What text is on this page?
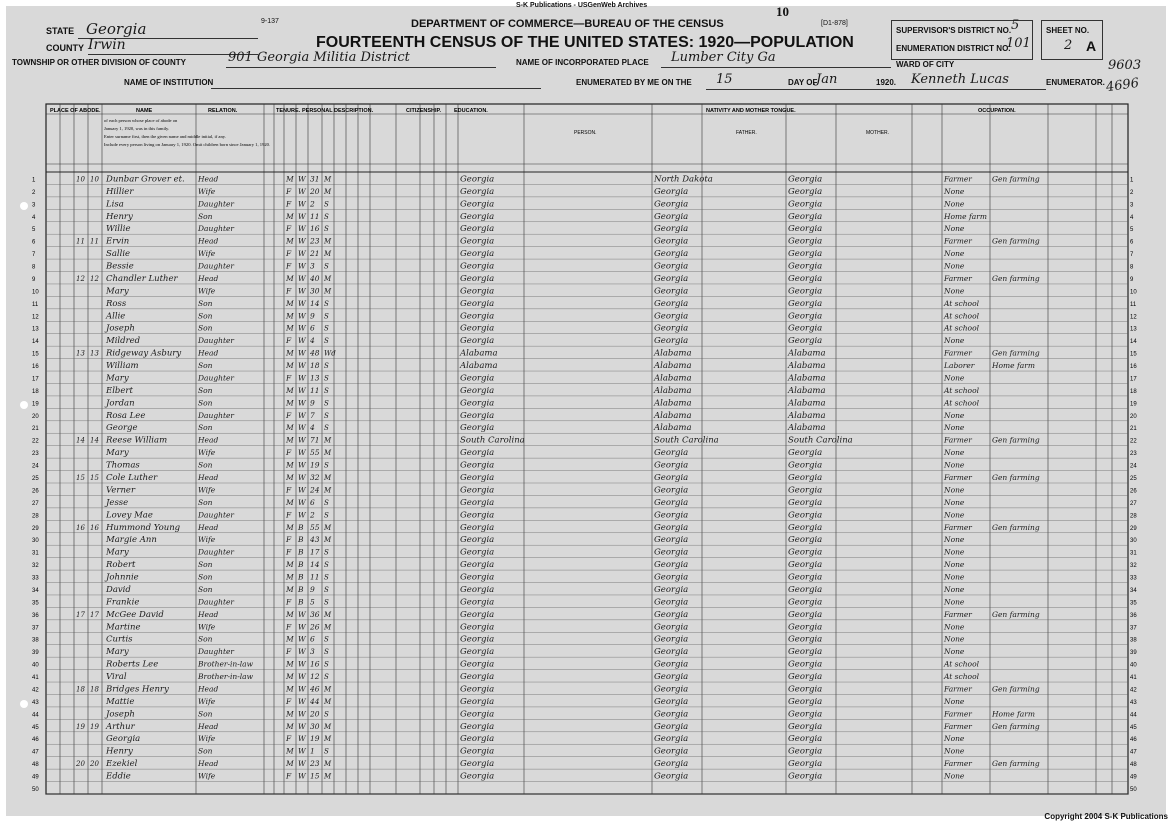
S-K Publications - USGenWeb Archives	10
9-137	[D1-878]
DEPARTMENT OF COMMERCE—BUREAU OF THE CENSUS
FOURTEENTH CENSUS OF THE UNITED STATES: 1920—POPULATION
STATE Georgia
COUNTY Irwin
TOWNSHIP OR OTHER DIVISION OF COUNTY	901 Georgia Militia District
NAME OF INSTITUTION
NAME OF INCORPORATED PLACE Lumber City Ga
ENUMERATED BY ME ON THE 15	DAY OF
Jan	1920. Kenneth Lucas	ENUMERATOR.
SUPERVISOR'S DISTRICT NO. 5
ENUMERATION DISTRICT NO.
101
SHEET NO.
2 A
WARD OF CITY	9603
4696
PLACE OF ABODE.	NAME	RELATION.	TENURE. PERSONAL DESCRIPTION.	CITIZENSHIP. EDUCATION.	NATIVITY AND MOTHER TONGUE.	OCCUPATION.
PERSON.	FATHER.	MOTHER.
of each person whose place of abode on
January 1, 1920, was in this family.
Enter surname first, then the given name and middle initial, if any.
Include every person living on January 1, 1920. Omit children born since January 1, 1920.
1	1
10 10 Dunbar Grover et. Head	M W 31 M	Georgia	North Dakota	Georgia	Farmer	Gen farming
2	2
Hillier	Wife	F W 20 M	Georgia	Georgia	Georgia	None
3	3
Lisa	Daughter	F W 2 S	Georgia	Georgia	Georgia	None
4	4
Henry	Son	M W 11 S	Georgia	Georgia	Georgia	Home farm
5	5
Willie	Daughter	F W 16 S	Georgia	Georgia	Georgia	None
6	6
11 11 Ervin	Head	M W 23 M	Georgia	Georgia	Georgia	Farmer	Gen farming
7	7
Sallie	Wife	F W 21 M	Georgia	Georgia	Georgia	None
8	8
Bessie	Daughter	F W 3 S	Georgia	Georgia	Georgia	None
9	9
12 12 Chandler Luther	Head	M W 40 M	Georgia	Georgia	Georgia	Farmer	Gen farming
10	10
Mary	Wife	F W 30 M	Georgia	Georgia	Georgia	None
11	11
Ross	Son	M W 14 S	Georgia	Georgia	Georgia	At school
12	12
Allie	Son	M W 9 S	Georgia	Georgia	Georgia	At school
13	13
Joseph	Son	M W 6 S	Georgia	Georgia	Georgia	At school
14	14
Mildred	Daughter	F W 4 S	Georgia	Georgia	Georgia	None
15	15
13 13 Ridgeway Asbury Head	M W 48 Wd	Alabama	Alabama	Alabama	Farmer	Gen farming
16	16
William	Son	M W 18 S	Alabama	Alabama	Alabama	Laborer Home farm
17	17
Mary	Daughter	F W 13 S	Georgia	Alabama	Alabama	None
18	18
Elbert	Son	M W 11 S	Georgia	Alabama	Alabama	At school
19	19
Jordan	Son	M W 9 S	Georgia	Alabama	Alabama	At school
20	20
Rosa Lee	Daughter	F W 7 S	Georgia	Alabama	Alabama	None
21	21
George	Son	M W 4 S	Georgia	Alabama	Alabama	None
22	22
14 14 Reese William	Head	M W 71 M	South Carolina	South Carolina	South Carolina	Farmer	Gen farming
23	23
Mary	Wife	F W 55 M	Georgia	Georgia	Georgia	None
24	24
Thomas	Son	M W 19 S	Georgia	Georgia	Georgia	None
25	25
15 15 Cole Luther	Head	M W 32 M	Georgia	Georgia	Georgia	Farmer	Gen farming
26	26
Verner	Wife	F W 24 M	Georgia	Georgia	Georgia	None
27	27
Jesse	Son	M W 6 S	Georgia	Georgia	Georgia	None
28	28
Lovey Mae	Daughter	F W 2 S	Georgia	Georgia	Georgia	None
29	29
16 16 Hummond Young Head	M B 55 M	Georgia	Georgia	Georgia	Farmer	Gen farming
30	30
Margie Ann	Wife	F B 43 M	Georgia	Georgia	Georgia	None
31	31
Mary	Daughter	F B 17 S	Georgia	Georgia	Georgia	None
32	32
Robert	Son	M B 14 S	Georgia	Georgia	Georgia	None
33	33
Johnnie	Son	M B 11 S	Georgia	Georgia	Georgia	None
34	34
David	Son	M B 9 S	Georgia	Georgia	Georgia	None
35	35
Frankie	Daughter	F B 5 S	Georgia	Georgia	Georgia	None
36	36
17 17 McGee David	Head	M W 36 M	Georgia	Georgia	Georgia	Farmer	Gen farming
37	37
Martine	Wife	F W 26 M	Georgia	Georgia	Georgia	None
38	38
Curtis	Son	M W 6 S	Georgia	Georgia	Georgia	None
39	39
Mary	Daughter	F W 3 S	Georgia	Georgia	Georgia	None
40	40
Roberts Lee	Brother-in-law	M W 16 S	Georgia	Georgia	Georgia	At school
41	41
Viral	Brother-in-law	M W 12 S	Georgia	Georgia	Georgia	At school
42	42
18 18 Bridges Henry	Head	M W 46 M	Georgia	Georgia	Georgia	Farmer	Gen farming
43	43
Mattie	Wife	F W 44 M	Georgia	Georgia	Georgia	None
44	44
Joseph	Son	M W 20 S	Georgia	Georgia	Georgia	Farmer	Home farm
45	45
19 19 Arthur	Head	M W 30 M	Georgia	Georgia	Georgia	Farmer	Gen farming
46	46
Georgia	Wife	F W 19 M	Georgia	Georgia	Georgia	None
47	47
Henry	Son	M W 1 S	Georgia	Georgia	Georgia	None
48	48
20 20 Ezekiel	Head	M W 23 M	Georgia	Georgia	Georgia	Farmer	Gen farming
49	49
Eddie	Wife	F W 15 M	Georgia	Georgia	Georgia	None
50	50
Copyright 2004 S-K Publications
